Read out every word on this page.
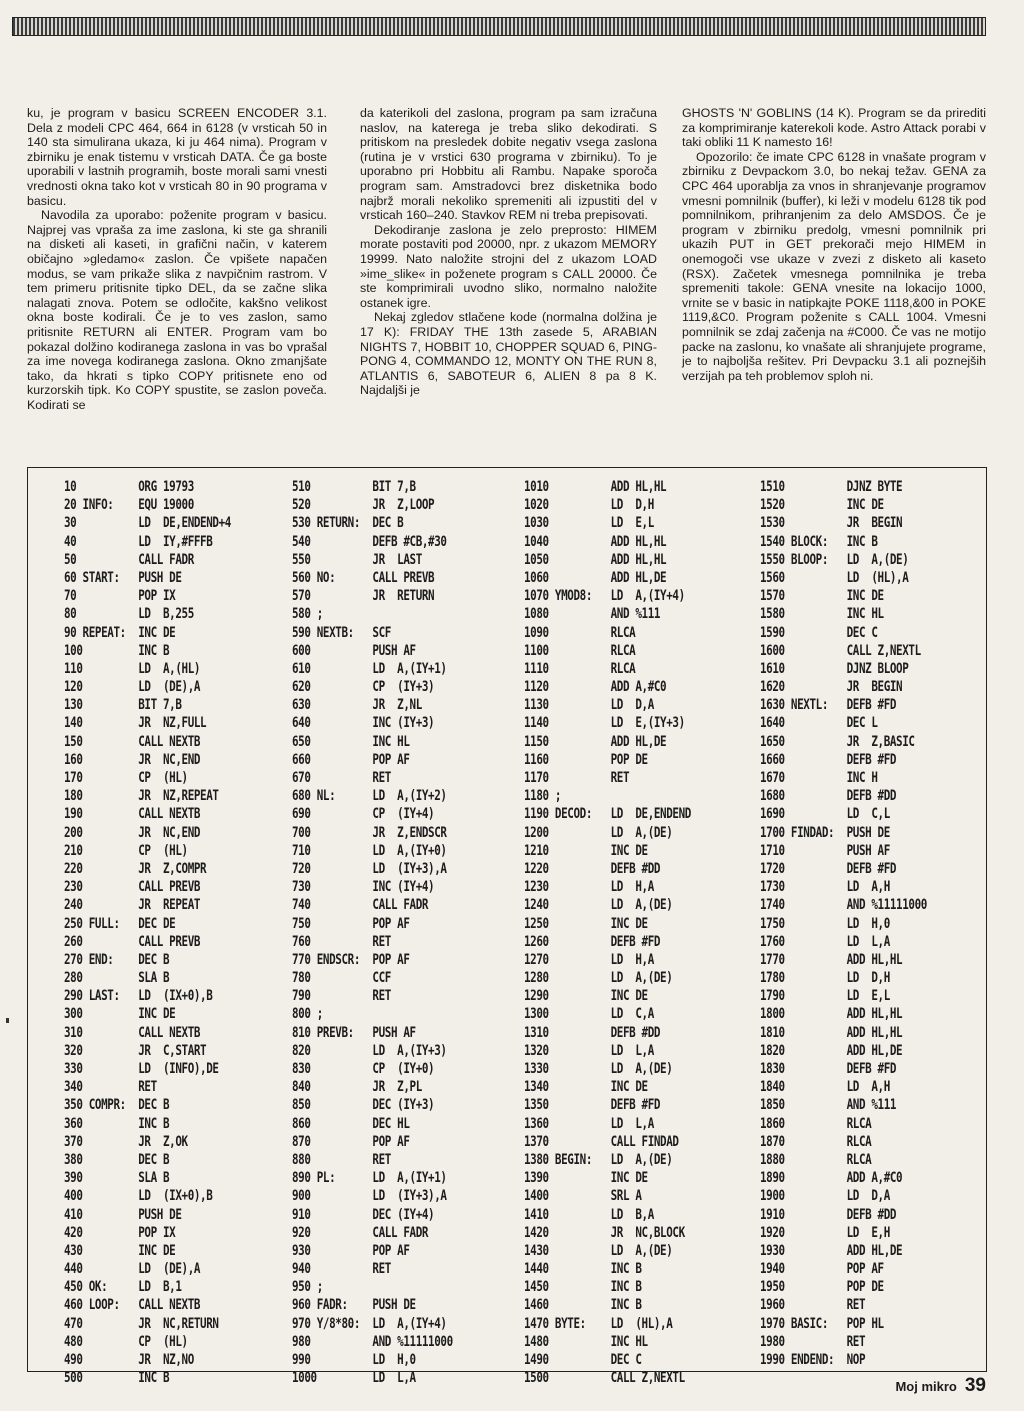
ku, je program v basicu SCREEN ENCODER 3.1. Dela z modeli CPC 464, 664 in 6128 (v vrsticah 50 in 140 sta simulirana ukaza, ki ju 464 nima). Program v zbirniku je enak tistemu v vrsticah DATA. Če ga boste uporabili v lastnih programih, boste morali sami vnesti vrednosti okna tako kot v vrsticah 80 in 90 programa v basicu.

Navodila za uporabo: poženite program v basicu. Najprej vas vpraša za ime zaslona, ki ste ga shranili na disketi ali kaseti, in grafični način, v katerem običajno »gledamo« zaslon. Če vpišete napačen modus, se vam prikaže slika z navpičnim rastrom. V tem primeru pritisnite tipko DEL, da se začne slika nalagati znova. Potem se odločite, kakšno velikost okna boste kodirali. Če je to ves zaslon, samo pritisnite RETURN ali ENTER. Program vam bo pokazal dolžino kodiranega zaslona in vas bo vprašal za ime novega kodiranega zaslona. Okno zmanjšate tako, da hkrati s tipko COPY pritisnete eno od kurzorskih tipk. Ko COPY spustite, se zaslon poveča. Kodirati se

da katerikoli del zaslona, program pa sam izračuna naslov, na katerega je treba sliko dekodirati. S pritiskom na presledek dobite negativ vsega zaslona (rutina je v vrstici 630 programa v zbirniku). To je uporabno pri Hobbitu ali Rambu. Napake sporoča program sam. Amstradovci brez disketnika bodo najbrž morali nekoliko spremeniti ali izpustiti del v vrsticah 160–240. Stavkov REM ni treba prepisovati.

Dekodiranje zaslona je zelo preprosto: HIMEM morate postaviti pod 20000, npr. z ukazom MEMORY 19999. Nato naložite strojni del z ukazom LOAD »ime_slike« in poženete program s CALL 20000. Če ste komprimirali uvodno sliko, normalno naložite ostanek igre.

Nekaj zgledov stlačene kode (normalna dolžina je 17 K): FRIDAY THE 13th zasede 5, ARABIAN NIGHTS 7, HOBBIT 10, CHOPPER SQUAD 6, PING-PONG 4, COMMANDO 12, MONTY ON THE RUN 8, ATLANTIS 6, SABOTEUR 6, ALIEN 8 pa 8 K. Najdaljši je

GHOSTS 'N' GOBLINS (14 K). Program se da prirediti za komprimiranje katerekoli kode. Astro Attack porabi v taki obliki 11 K namesto 16!

Opozorilo: če imate CPC 6128 in vnašate program v zbirniku z Devpackom 3.0, bo nekaj težav. GENA za CPC 464 uporablja za vnos in shranjevanje programov vmesni pomnilnik (buffer), ki leži v modelu 6128 tik pod pomnilnikom, prihranjenim za delo AMSDOS. Če je program v zbirniku predolg, vmesni pomnilnik pri ukazih PUT in GET prekorači mejo HIMEM in onemogoči vse ukaze v zvezi z disketo ali kaseto (RSX). Začetek vmesnega pomnilnika je treba spremeniti takole: GENA vnesite na lokacijo 1000, vrnite se v basic in natipkajte POKE 1118,&00 in POKE 1119,&C0. Program poženite s CALL 1004. Vmesni pomnilnik se zdaj začenja na #C000. Če vas ne motijo packe na zaslonu, ko vnašate ali shranjujete programe, je to najboljša rešitev. Pri Devpacku 3.1 ali poznejših verzijah pa teh problemov sploh ni.

10          ORG 19793
20 INFO:    EQU 19000
30          LD  DE,ENDEND+4
40          LD  IY,#FFFB
50          CALL FADR
60 START:   PUSH DE
70          POP IX
80          LD  B,255
90 REPEAT:  INC DE
100         INC B
110         LD  A,(HL)
120         LD  (DE),A
130         BIT 7,B
140         JR  NZ,FULL
150         CALL NEXTB
160         JR  NC,END
170         CP  (HL)
180         JR  NZ,REPEAT
190         CALL NEXTB
200         JR  NC,END
210         CP  (HL)
220         JR  Z,COMPR
230         CALL PREVB
240         JR  REPEAT
250 FULL:   DEC DE
260         CALL PREVB
270 END:    DEC B
280         SLA B
290 LAST:   LD  (IX+0),B
300         INC DE
310         CALL NEXTB
320         JR  C,START
330         LD  (INFO),DE
340         RET
350 COMPR:  DEC B
360         INC B
370         JR  Z,OK
380         DEC B
390         SLA B
400         LD  (IX+0),B
410         PUSH DE
420         POP IX
430         INC DE
440         LD  (DE),A
450 OK:     LD  B,1
460 LOOP:   CALL NEXTB
470         JR  NC,RETURN
480         CP  (HL)
490         JR  NZ,NO
500         INC B
510          BIT 7,B
520          JR  Z,LOOP
530 RETURN:  DEC B
540          DEFB #CB,#30
550          JR  LAST
560 NO:      CALL PREVB
570          JR  RETURN
580 ;
590 NEXTB:   SCF
600          PUSH AF
610          LD  A,(IY+1)
620          CP  (IY+3)
630          JR  Z,NL
640          INC (IY+3)
650          INC HL
660          POP AF
670          RET
680 NL:      LD  A,(IY+2)
690          CP  (IY+4)
700          JR  Z,ENDSCR
710          LD  A,(IY+0)
720          LD  (IY+3),A
730          INC (IY+4)
740          CALL FADR
750          POP AF
760          RET
770 ENDSCR:  POP AF
780          CCF
790          RET
800 ;
810 PREVB:   PUSH AF
820          LD  A,(IY+3)
830          CP  (IY+0)
840          JR  Z,PL
850          DEC (IY+3)
860          DEC HL
870          POP AF
880          RET
890 PL:      LD  A,(IY+1)
900          LD  (IY+3),A
910          DEC (IY+4)
920          CALL FADR
930          POP AF
940          RET
950 ;
960 FADR:    PUSH DE
970 Y/8*80:  LD  A,(IY+4)
980          AND %11111000
990          LD  H,0
1000         LD  L,A
1010          ADD HL,HL
1020          LD  D,H
1030          LD  E,L
1040          ADD HL,HL
1050          ADD HL,HL
1060          ADD HL,DE
1070 YMOD8:   LD  A,(IY+4)
1080          AND %111
1090          RLCA
1100          RLCA
1110          RLCA
1120          ADD A,#C0
1130          LD  D,A
1140          LD  E,(IY+3)
1150          ADD HL,DE
1160          POP DE
1170          RET
1180 ;
1190 DECOD:   LD  DE,ENDEND
1200          LD  A,(DE)
1210          INC DE
1220          DEFB #DD
1230          LD  H,A
1240          LD  A,(DE)
1250          INC DE
1260          DEFB #FD
1270          LD  H,A
1280          LD  A,(DE)
1290          INC DE
1300          LD  C,A
1310          DEFB #DD
1320          LD  L,A
1330          LD  A,(DE)
1340          INC DE
1350          DEFB #FD
1360          LD  L,A
1370          CALL FINDAD
1380 BEGIN:   LD  A,(DE)
1390          INC DE
1400          SRL A
1410          LD  B,A
1420          JR  NC,BLOCK
1430          LD  A,(DE)
1440          INC B
1450          INC B
1460          INC B
1470 BYTE:    LD  (HL),A
1480          INC HL
1490          DEC C
1500          CALL Z,NEXTL
1510          DJNZ BYTE
1520          INC DE
1530          JR  BEGIN
1540 BLOCK:   INC B
1550 BLOOP:   LD  A,(DE)
1560          LD  (HL),A
1570          INC DE
1580          INC HL
1590          DEC C
1600          CALL Z,NEXTL
1610          DJNZ BLOOP
1620          JR  BEGIN
1630 NEXTL:   DEFB #FD
1640          DEC L
1650          JR  Z,BASIC
1660          DEFB #FD
1670          INC H
1680          DEFB #DD
1690          LD  C,L
1700 FINDAD:  PUSH DE
1710          PUSH AF
1720          DEFB #FD
1730          LD  A,H
1740          AND %11111000
1750          LD  H,0
1760          LD  L,A
1770          ADD HL,HL
1780          LD  D,H
1790          LD  E,L
1800          ADD HL,HL
1810          ADD HL,HL
1820          ADD HL,DE
1830          DEFB #FD
1840          LD  A,H
1850          AND %111
1860          RLCA
1870          RLCA
1880          RLCA
1890          ADD A,#C0
1900          LD  D,A
1910          DEFB #DD
1920          LD  E,H
1930          ADD HL,DE
1940          POP AF
1950          POP DE
1960          RET
1970 BASIC:   POP HL
1980          RET
1990 ENDEND:  NOP
Moj mikro 39
